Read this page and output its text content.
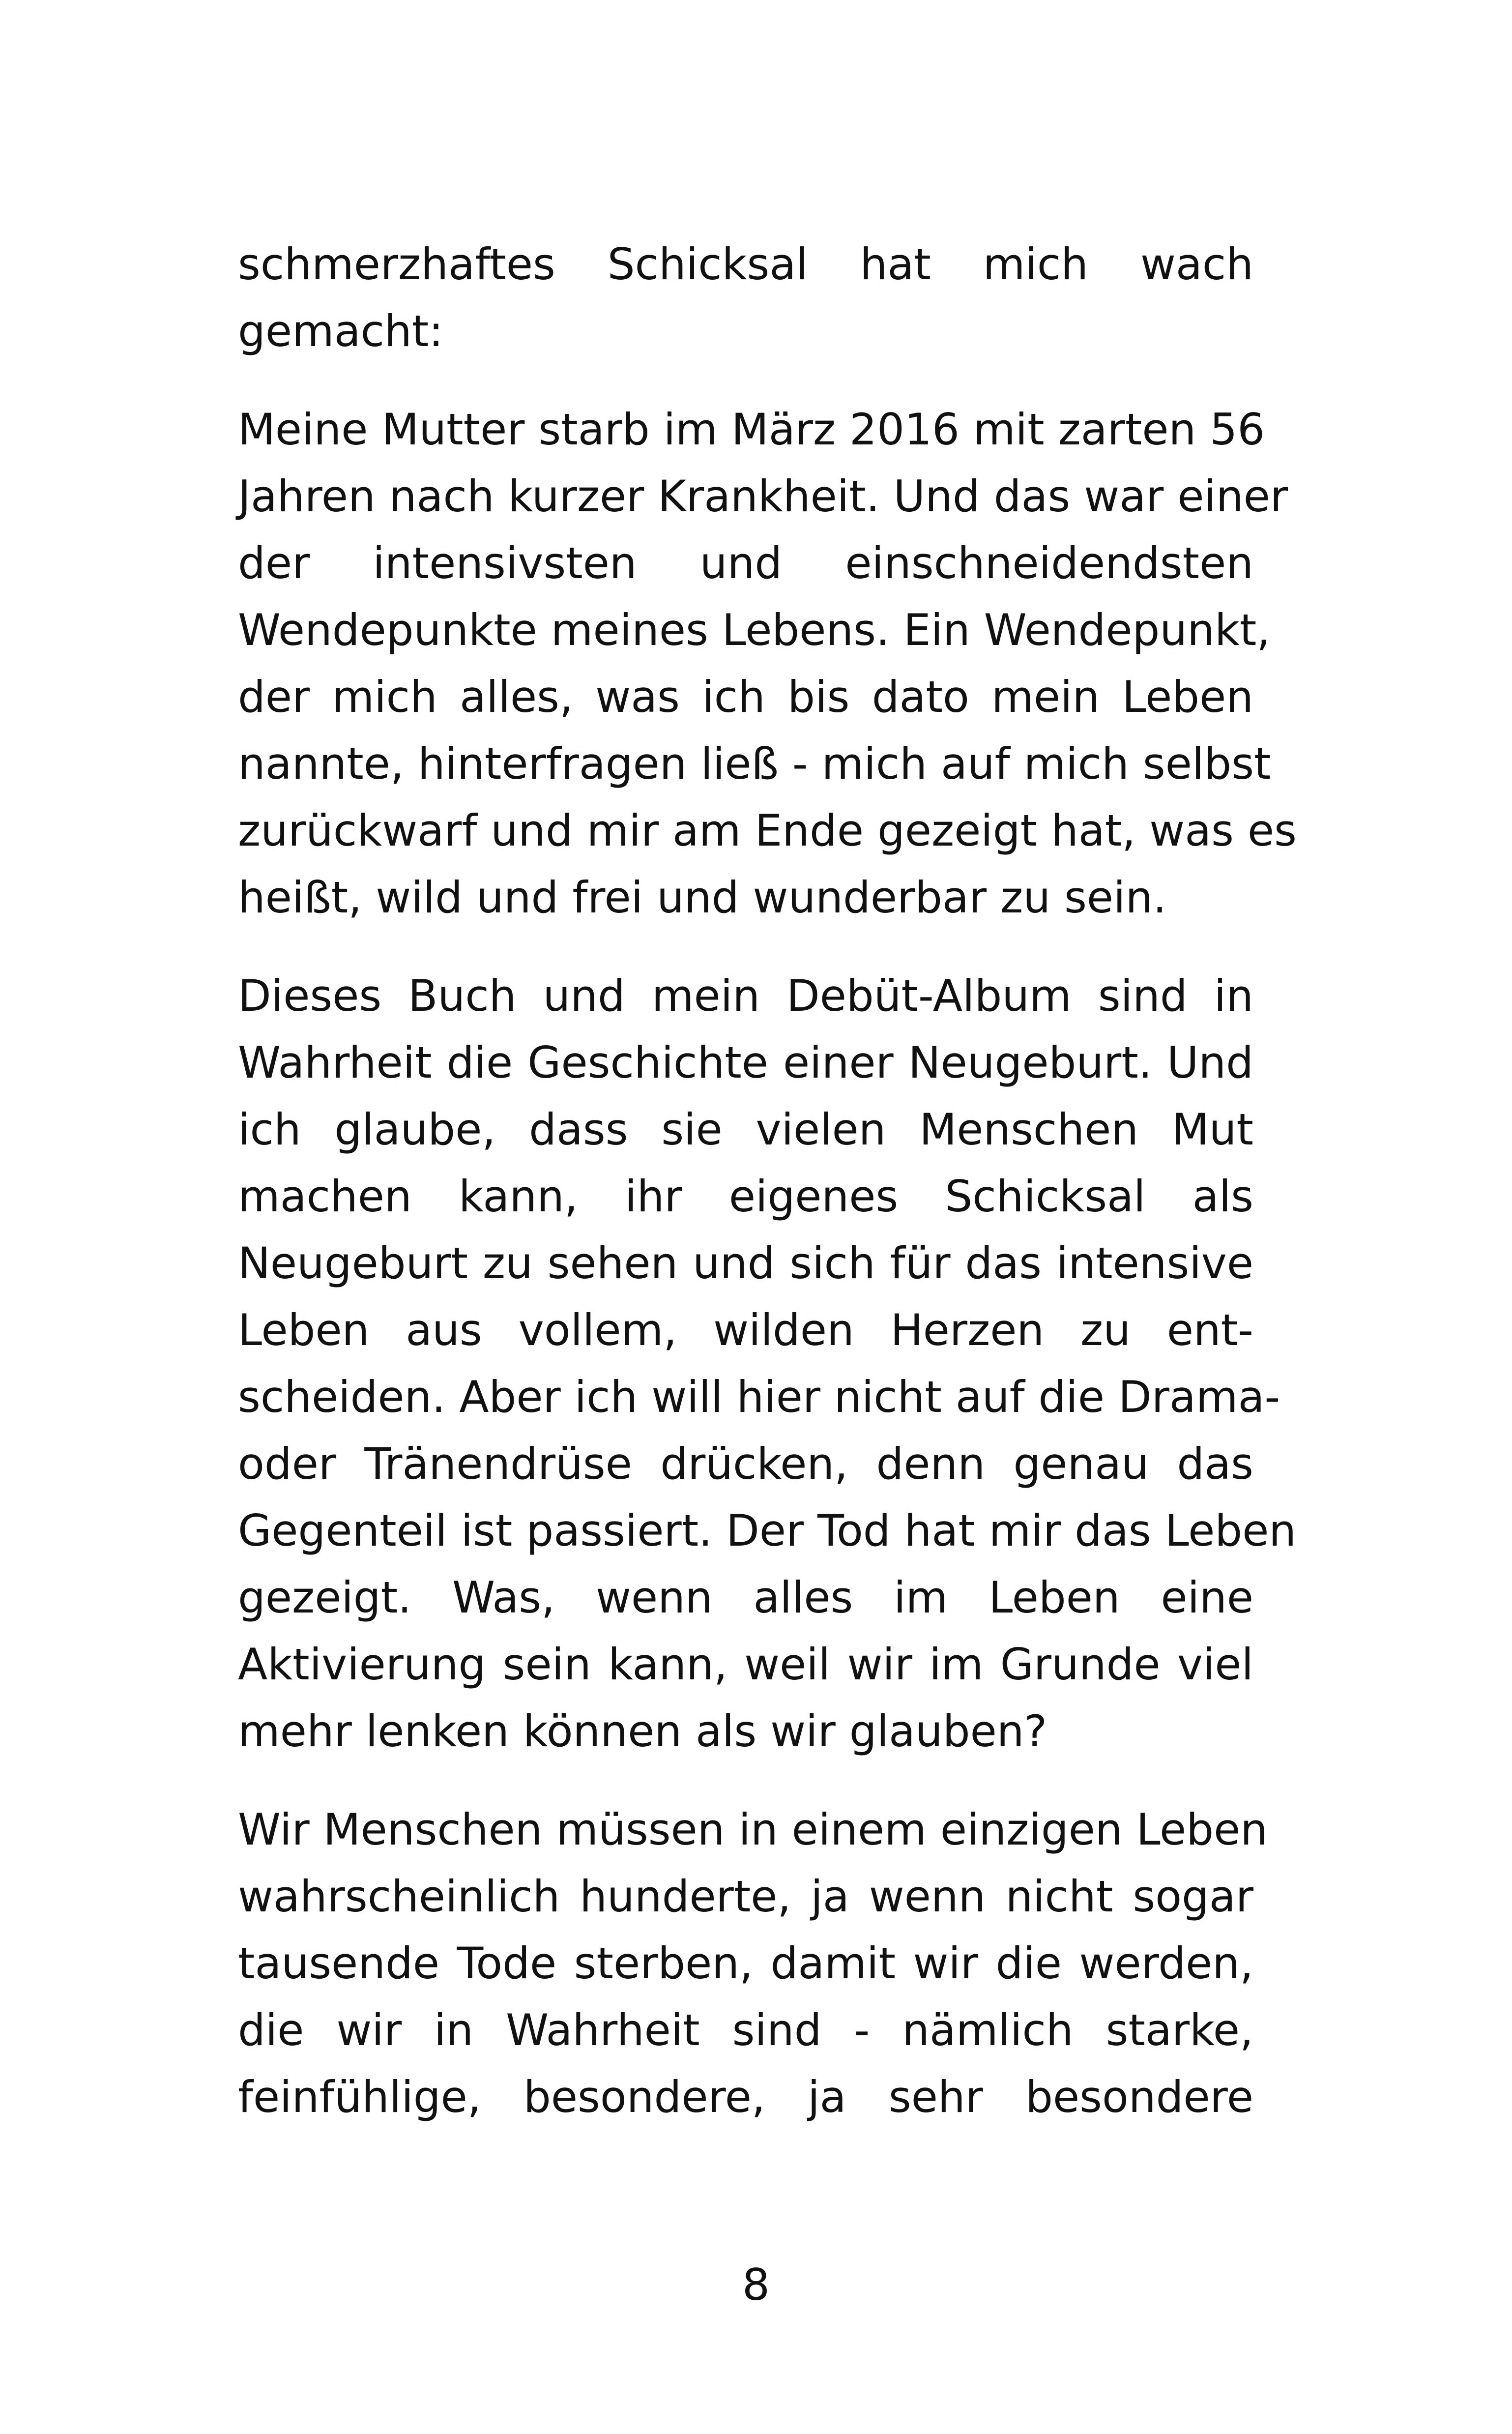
schmerzhaftes Schicksal hat mich wach
gemacht:
Meine Mutter starb im März 2016 mit zarten 56
Jahren nach kurzer Krankheit. Und das war einer
der intensivsten und einschneidendsten
Wendepunkte meines Lebens. Ein Wendepunkt,
der mich alles, was ich bis dato mein Leben
nannte, hinterfragen ließ - mich auf mich selbst
zurückwarf und mir am Ende gezeigt hat, was es
heißt, wild und frei und wunderbar zu sein.
Dieses Buch und mein Debüt-Album sind in
Wahrheit die Geschichte einer Neugeburt. Und
ich glaube, dass sie vielen Menschen Mut
machen kann, ihr eigenes Schicksal als
Neugeburt zu sehen und sich für das intensive
Leben aus vollem, wilden Herzen zu ent-
scheiden. Aber ich will hier nicht auf die Drama-
oder Tränendrüse drücken, denn genau das
Gegenteil ist passiert. Der Tod hat mir das Leben
gezeigt. Was, wenn alles im Leben eine
Aktivierung sein kann, weil wir im Grunde viel
mehr lenken können als wir glauben?
Wir Menschen müssen in einem einzigen Leben
wahrscheinlich hunderte, ja wenn nicht sogar
tausende Tode sterben, damit wir die werden,
die wir in Wahrheit sind - nämlich starke,
feinfühlige, besondere, ja sehr besondere
8
